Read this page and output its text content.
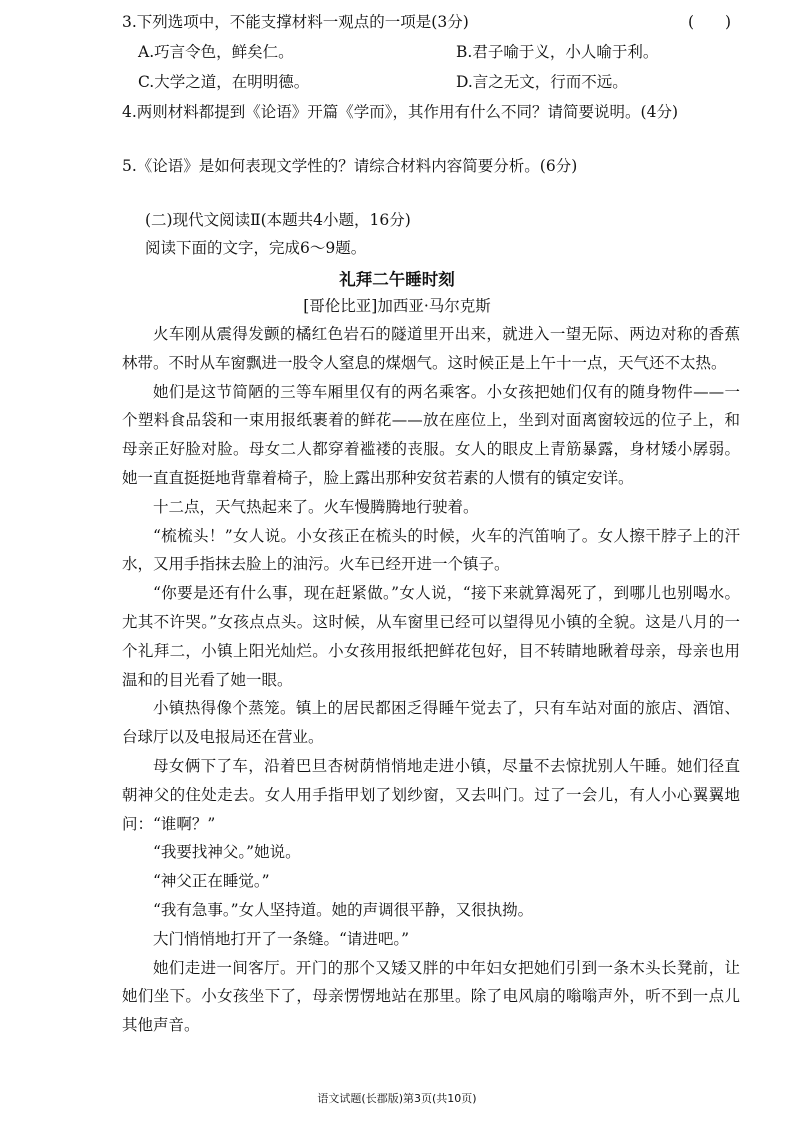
3.下列选项中，不能支撑材料一观点的一项是(3分)	(　　)
A.巧言令色，鲜矣仁。	B.君子喻于义，小人喻于利。
C.大学之道，在明明德。	D.言之无文，行而不远。
4.两则材料都提到《论语》开篇《学而》，其作用有什么不同？请简要说明。(4分)
5.《论语》是如何表现文学性的？请综合材料内容简要分析。(6分)
(二)现代文阅读Ⅱ(本题共4小题，16分)
阅读下面的文字，完成6～9题。
礼拜二午睡时刻
[哥伦比亚]加西亚·马尔克斯

火车刚从震得发颤的橘红色岩石的隧道里开出来，就进入一望无际、两边对称的香蕉林带。不时从车窗飘进一股令人窒息的煤烟气。这时候正是上午十一点，天气还不太热。

她们是这节简陋的三等车厢里仅有的两名乘客。小女孩把她们仅有的随身物件——一个塑料食品袋和一束用报纸裹着的鲜花——放在座位上，坐到对面离窗较远的位子上，和母亲正好脸对脸。母女二人都穿着褴褛的丧服。女人的眼皮上青筋暴露，身材矮小孱弱。她一直直挺挺地背靠着椅子，脸上露出那种安贫若素的人惯有的镇定安详。

十二点，天气热起来了。火车慢腾腾地行驶着。

“梳梳头！”女人说。小女孩正在梳头的时候，火车的汽笛响了。女人擦干脖子上的汗水，又用手指抹去脸上的油污。火车已经开进一个镇子。

“你要是还有什么事，现在赶紧做。”女人说，“接下来就算渴死了，到哪儿也别喝水。尤其不许哭。”女孩点点头。这时候，从车窗里已经可以望得见小镇的全貌。这是八月的一个礼拜二，小镇上阳光灿烂。小女孩用报纸把鲜花包好，目不转睛地瞅着母亲，母亲也用温和的目光看了她一眼。

小镇热得像个蒸笼。镇上的居民都困乏得睡午觉去了，只有车站对面的旅店、酒馆、台球厅以及电报局还在营业。

母女俩下了车，沿着巴旦杏树荫悄悄地走进小镇，尽量不去惊扰别人午睡。她们径直朝神父的住处走去。女人用手指甲划了划纱窗，又去叫门。过了一会儿，有人小心翼翼地问：“谁啊？”

“我要找神父。”她说。

“神父正在睡觉。”

“我有急事。”女人坚持道。她的声调很平静，又很执拗。

大门悄悄地打开了一条缝。“请进吧。”

她们走进一间客厅。开门的那个又矮又胖的中年妇女把她们引到一条木头长凳前，让她们坐下。小女孩坐下了，母亲愣愣地站在那里。除了电风扇的嗡嗡声外，听不到一点儿其他声音。

语文试题(长郡版)第3页(共10页)
